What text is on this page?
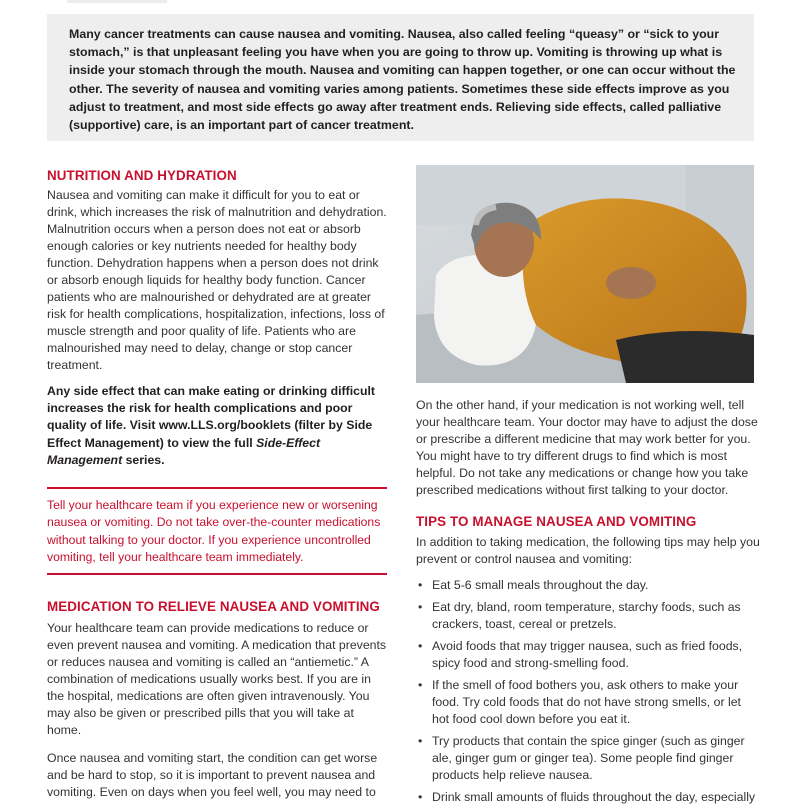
Many cancer treatments can cause nausea and vomiting. Nausea, also called feeling “queasy” or “sick to your stomach,” is that unpleasant feeling you have when you are going to throw up. Vomiting is throwing up what is inside your stomach through the mouth. Nausea and vomiting can happen together, or one can occur without the other. The severity of nausea and vomiting varies among patients. Sometimes these side effects improve as you adjust to treatment, and most side effects go away after treatment ends. Relieving side effects, called palliative (supportive) care, is an important part of cancer treatment.

NUTRITION AND HYDRATION

Nausea and vomiting can make it difficult for you to eat or drink, which increases the risk of malnutrition and dehydration. Malnutrition occurs when a person does not eat or absorb enough calories or key nutrients needed for healthy body function. Dehydration happens when a person does not drink or absorb enough liquids for healthy body function. Cancer patients who are malnourished or dehydrated are at greater risk for health complications, hospitalization, infections, loss of muscle strength and poor quality of life. Patients who are malnourished may need to delay, change or stop cancer treatment.

Any side effect that can make eating or drinking difficult increases the risk for health complications and poor quality of life. Visit www.LLS.org/booklets (filter by Side Effect Management) to view the full Side-Effect Management series.

Tell your healthcare team if you experience new or worsening nausea or vomiting. Do not take over-the-counter medications without talking to your doctor. If you experience uncontrolled vomiting, tell your healthcare team immediately.

MEDICATION TO RELIEVE NAUSEA AND VOMITING

Your healthcare team can provide medications to reduce or even prevent nausea and vomiting. A medication that prevents or reduces nausea and vomiting is called an “antiemetic.” A combination of medications usually works best. If you are in the hospital, medications are often given intravenously. You may also be given or prescribed pills that you will take at home.

Once nausea and vomiting start, the condition can get worse and be hard to stop, so it is important to prevent nausea and vomiting. Even on days when you feel well, you may need to

On the other hand, if your medication is not working well, tell your healthcare team. Your doctor may have to adjust the dose or prescribe a different medicine that may work better for you. You might have to try different drugs to find which is most helpful. Do not take any medications or change how you take prescribed medications without first talking to your doctor.

TIPS TO MANAGE NAUSEA AND VOMITING

In addition to taking medication, the following tips may help you prevent or control nausea and vomiting:

• Eat 5-6 small meals throughout the day.
• Eat dry, bland, room temperature, starchy foods, such as crackers, toast, cereal or pretzels.
• Avoid foods that may trigger nausea, such as fried foods, spicy food and strong-smelling food.
• If the smell of food bothers you, ask others to make your food. Try cold foods that do not have strong smells, or let hot food cool down before you eat it.
• Try products that contain the spice ginger (such as ginger ale, ginger gum or ginger tea). Some people find ginger products help relieve nausea.
• Drink small amounts of fluids throughout the day, especially
